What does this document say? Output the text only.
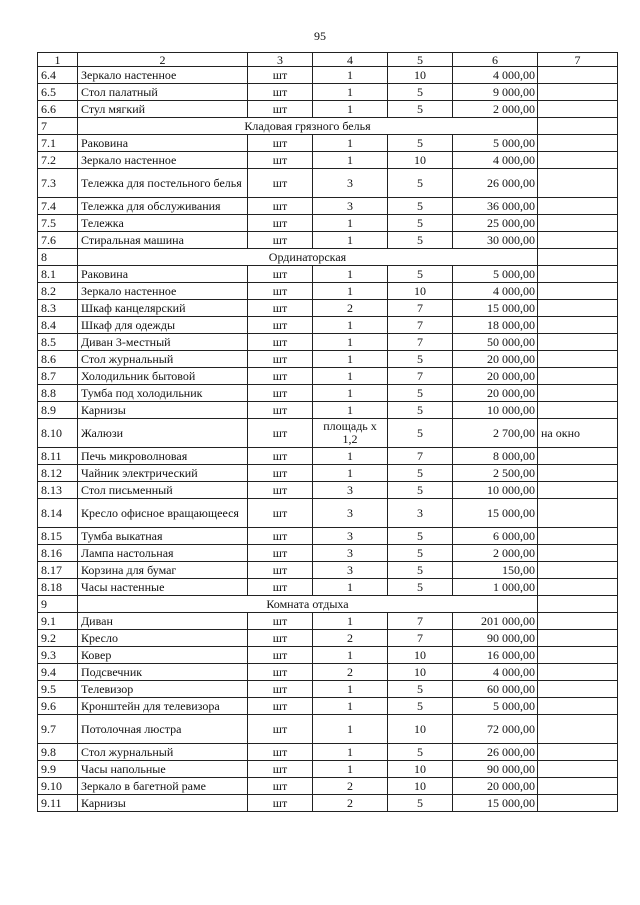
95
1	2	3	4	5	6	7
6.4	Зеркало настенное	шт	1	10	4 000,00	
6.5	Стол палатный	шт	1	5	9 000,00	
6.6	Стул мягкий	шт	1	5	2 000,00	
7	Кладовая грязного белья					
7.1	Раковина	шт	1	5	5 000,00	
7.2	Зеркало настенное	шт	1	10	4 000,00	
7.3	Тележка для постельного белья	шт	3	5	26 000,00	
7.4	Тележка для обслуживания	шт	3	5	36 000,00	
7.5	Тележка	шт	1	5	25 000,00	
7.6	Стиральная машина	шт	1	5	30 000,00	
8	Ординаторская					
8.1	Раковина	шт	1	5	5 000,00	
8.2	Зеркало настенное	шт	1	10	4 000,00	
8.3	Шкаф канцелярский	шт	2	7	15 000,00	
8.4	Шкаф для одежды	шт	1	7	18 000,00	
8.5	Диван 3-местный	шт	1	7	50 000,00	
8.6	Стол журнальный	шт	1	5	20 000,00	
8.7	Холодильник бытовой	шт	1	7	20 000,00	
8.8	Тумба под холодильник	шт	1	5	20 000,00	
8.9	Карнизы	шт	1	5	10 000,00	
8.10	Жалюзи	шт	площадь х 1,2	5	2 700,00	на окно
8.11	Печь микроволновая	шт	1	7	8 000,00	
8.12	Чайник электрический	шт	1	5	2 500,00	
8.13	Стол письменный	шт	3	5	10 000,00	
8.14	Кресло офисное вращающееся	шт	3	3	15 000,00	
8.15	Тумба выкатная	шт	3	5	6 000,00	
8.16	Лампа настольная	шт	3	5	2 000,00	
8.17	Корзина для бумаг	шт	3	5	150,00	
8.18	Часы настенные	шт	1	5	1 000,00	
9	Комната отдыха					
9.1	Диван	шт	1	7	201 000,00	
9.2	Кресло	шт	2	7	90 000,00	
9.3	Ковер	шт	1	10	16 000,00	
9.4	Подсвечник	шт	2	10	4 000,00	
9.5	Телевизор	шт	1	5	60 000,00	
9.6	Кронштейн для телевизора	шт	1	5	5 000,00	
9.7	Потолочная люстра	шт	1	10	72 000,00	
9.8	Стол журнальный	шт	1	5	26 000,00	
9.9	Часы напольные	шт	1	10	90 000,00	
9.10	Зеркало в багетной раме	шт	2	10	20 000,00	
9.11	Карнизы	шт	2	5	15 000,00	
